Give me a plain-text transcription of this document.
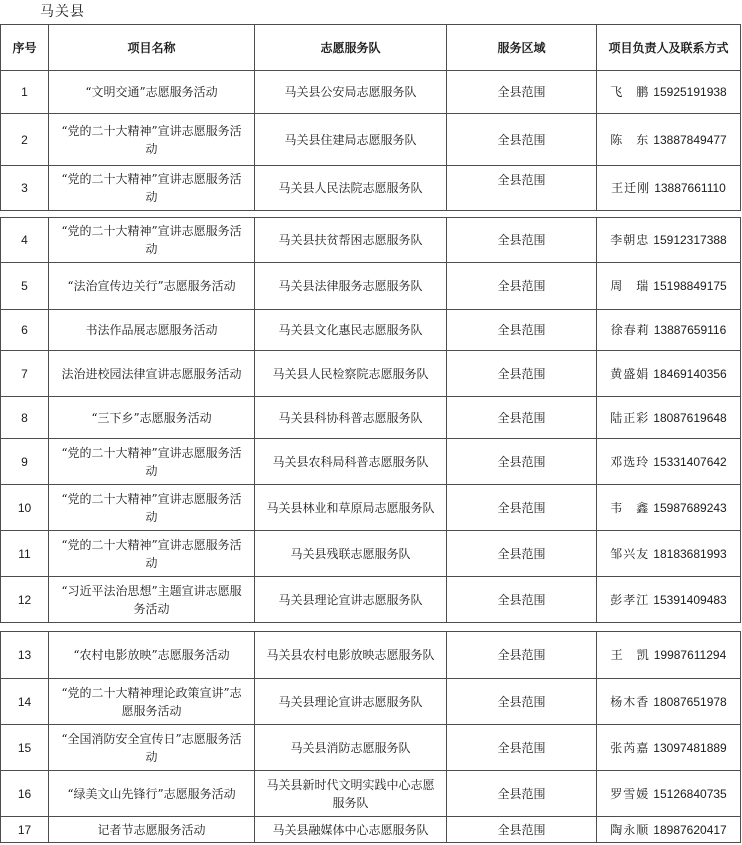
马关县
序号	项目名称	志愿服务队	服务区域	项目负责人及联系方式
1	“文明交通”志愿服务活动	马关县公安局志愿服务队	全县范围	飞　鹏 15925191938
2	“党的二十大精神”宣讲志愿服务活动	马关县住建局志愿服务队	全县范围	陈　东 13887849477
3	“党的二十大精神”宣讲志愿服务活动	马关县人民法院志愿服务队	全县范围	王迁刚 13887661110
4	“党的二十大精神”宣讲志愿服务活动	马关县扶贫帮困志愿服务队	全县范围	李朝忠 15912317388
5	“法治宣传边关行”志愿服务活动	马关县法律服务志愿服务队	全县范围	周　瑞 15198849175
6	书法作品展志愿服务活动	马关县文化惠民志愿服务队	全县范围	徐春莉 13887659116
7	法治进校园法律宣讲志愿服务活动	马关县人民检察院志愿服务队	全县范围	黄盛娟 18469140356
8	“三下乡”志愿服务活动	马关县科协科普志愿服务队	全县范围	陆正彩 18087619648
9	“党的二十大精神”宣讲志愿服务活动	马关县农科局科普志愿服务队	全县范围	邓选玲 15331407642
10	“党的二十大精神”宣讲志愿服务活动	马关县林业和草原局志愿服务队	全县范围	韦　鑫 15987689243
11	“党的二十大精神”宣讲志愿服务活动	马关县残联志愿服务队	全县范围	邹兴友 18183681993
12	“习近平法治思想”主题宣讲志愿服务活动	马关县理论宣讲志愿服务队	全县范围	彭孝江 15391409483
13	“农村电影放映”志愿服务活动	马关县农村电影放映志愿服务队	全县范围	王　凯 19987611294
14	“党的二十大精神理论政策宣讲”志愿服务活动	马关县理论宣讲志愿服务队	全县范围	杨木香 18087651978
15	“全国消防安全宣传日”志愿服务活动	马关县消防志愿服务队	全县范围	张芮嘉 13097481889
16	“绿美文山先锋行”志愿服务活动	马关县新时代文明实践中心志愿服务队	全县范围	罗雪媛 15126840735
17	记者节志愿服务活动	马关县融媒体中心志愿服务队	全县范围	陶永顺 18987620417
